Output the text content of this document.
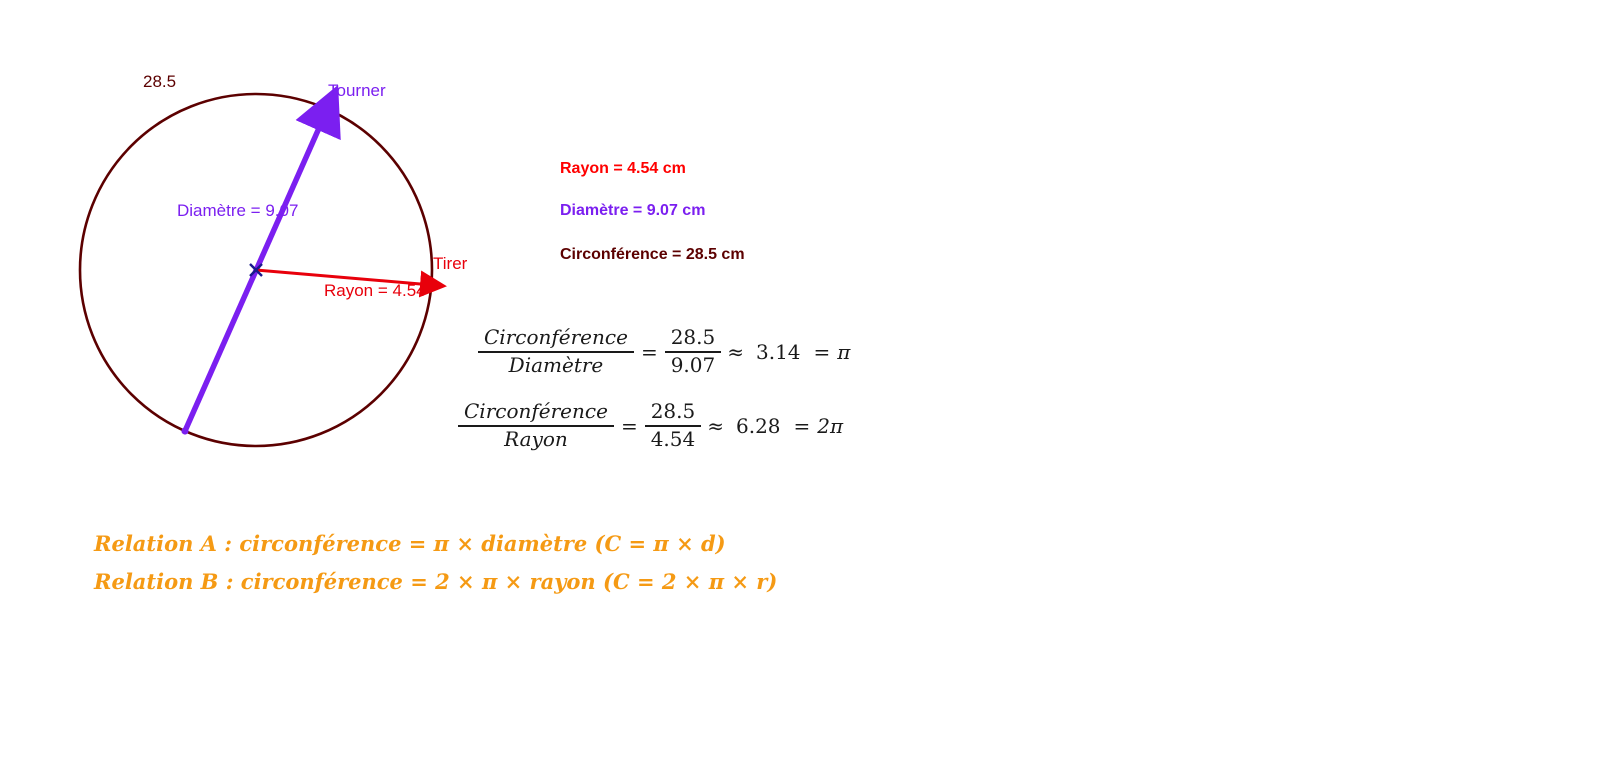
28.5	Tourner
Diamètre = 9.07
Tirer
Rayon = 4.54
Rayon = 4.54 cm
Diamètre = 9.07 cm
Circonférence = 28.5 cm
$\frac{\text{Circonférence}}{\text{Diamètre}} = \frac{28.5}{9.07} \approx 3.14 = \pi$
$\frac{\text{Circonférence}}{\text{Rayon}} = \frac{28.5}{4.54} \approx 6.28 = 2\pi$
Relation A : circonférence = π × diamètre (C = π × d)
Relation B : circonférence = 2 × π × rayon (C = 2 × π × r)
